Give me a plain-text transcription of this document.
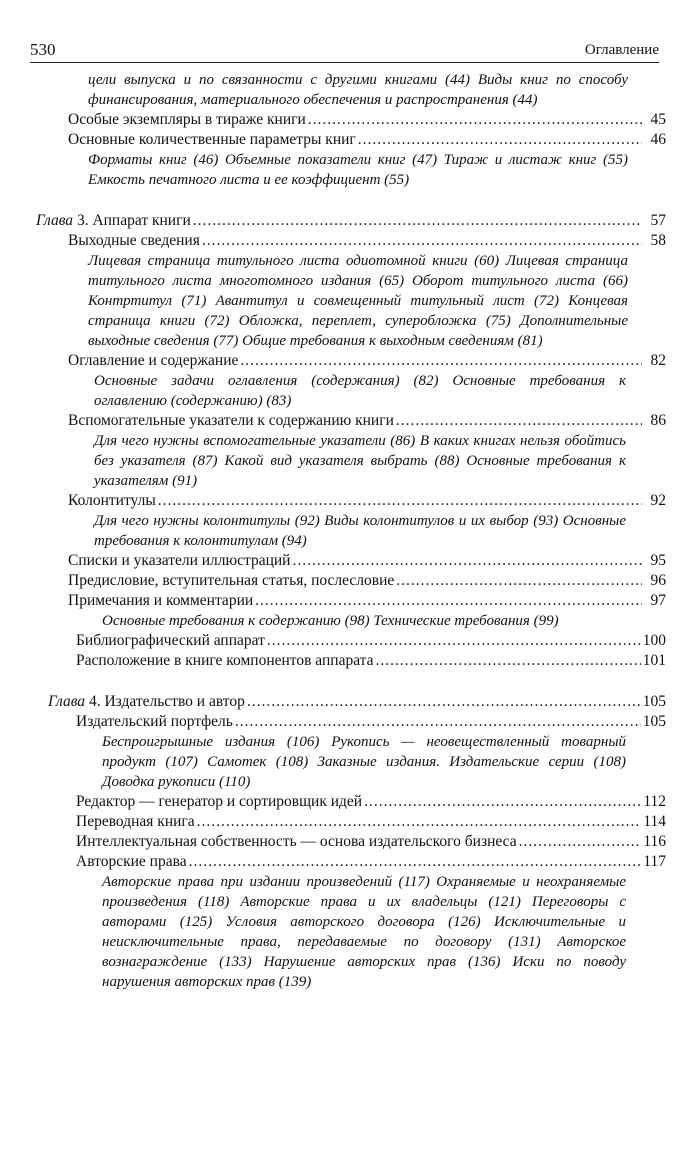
530	Оглавление
цели выпуска и по связанности с другими книгами (44) Виды книг по способу финансирования, материального обеспечения и распространения (44)
Особые экземпляры в тираже книги .....	45
Основные количественные параметры книг .....	46
Форматы книг (46) Объемные показатели книг (47) Тираж и листаж книг (55) Емкость печатного листа и ее коэффициент (55)
Глава 3. Аппарат книги .....	57
Выходные сведения .....	58
Лицевая страница титульного листа одиотомной книги (60) Лицевая страница титульного листа многотомного издания (65) Оборот титульного листа (66) Контртитул (71) Авантитул и совмещенный титульный лист (72) Концевая страница книги (72) Обложка, переплет, суперобложка (75) Дополнительные выходные сведения (77) Общие требования к выходным сведениям (81)
Оглавление и содержание .....	82
Основные задачи оглавления (содержания) (82) Основные требования к оглавлению (содержанию) (83)
Вспомогательные указатели к содержанию книги .....	86
Для чего нужны вспомогательные указатели (86) В каких книгах нельзя обойтись без указателя (87) Какой вид указателя выбрать (88) Основные требования к указателям (91)
Колонтитулы .....	92
Для чего нужны колонтитулы (92) Виды колонтитулов и их выбор (93) Основные требования к колонтитулам (94)
Списки и указатели иллюстраций .....	95
Предисловие, вступительная статья, послесловие .....	96
Примечания и комментарии .....	97
Основные требования к содержанию (98) Технические требования (99)
Библиографический аппарат .....	100
Расположение в книге компонентов аппарата .....	101
Глава 4. Издательство и автор .....	105
Издательский портфель .....	105
Беспроигрышные издания (106) Рукопись — неовеществленный товарный продукт (107) Самотек (108) Заказные издания. Издательские серии (108) Доводка рукописи (110)
Редактор — генератор и сортировщик идей .....	112
Переводная книга .....	114
Интеллектуальная собственность — основа издательского бизнеса .....	116
Авторские права .....	117
Авторские права при издании произведений (117) Охраняемые и неохраняемые произведения (118) Авторские права и их владельцы (121) Переговоры с авторами (125) Условия авторского договора (126) Исключительные и неисключительные права, передаваемые по договору (131) Авторское вознаграждение (133) Нарушение авторских прав (136) Иски по поводу нарушения авторских прав (139)
